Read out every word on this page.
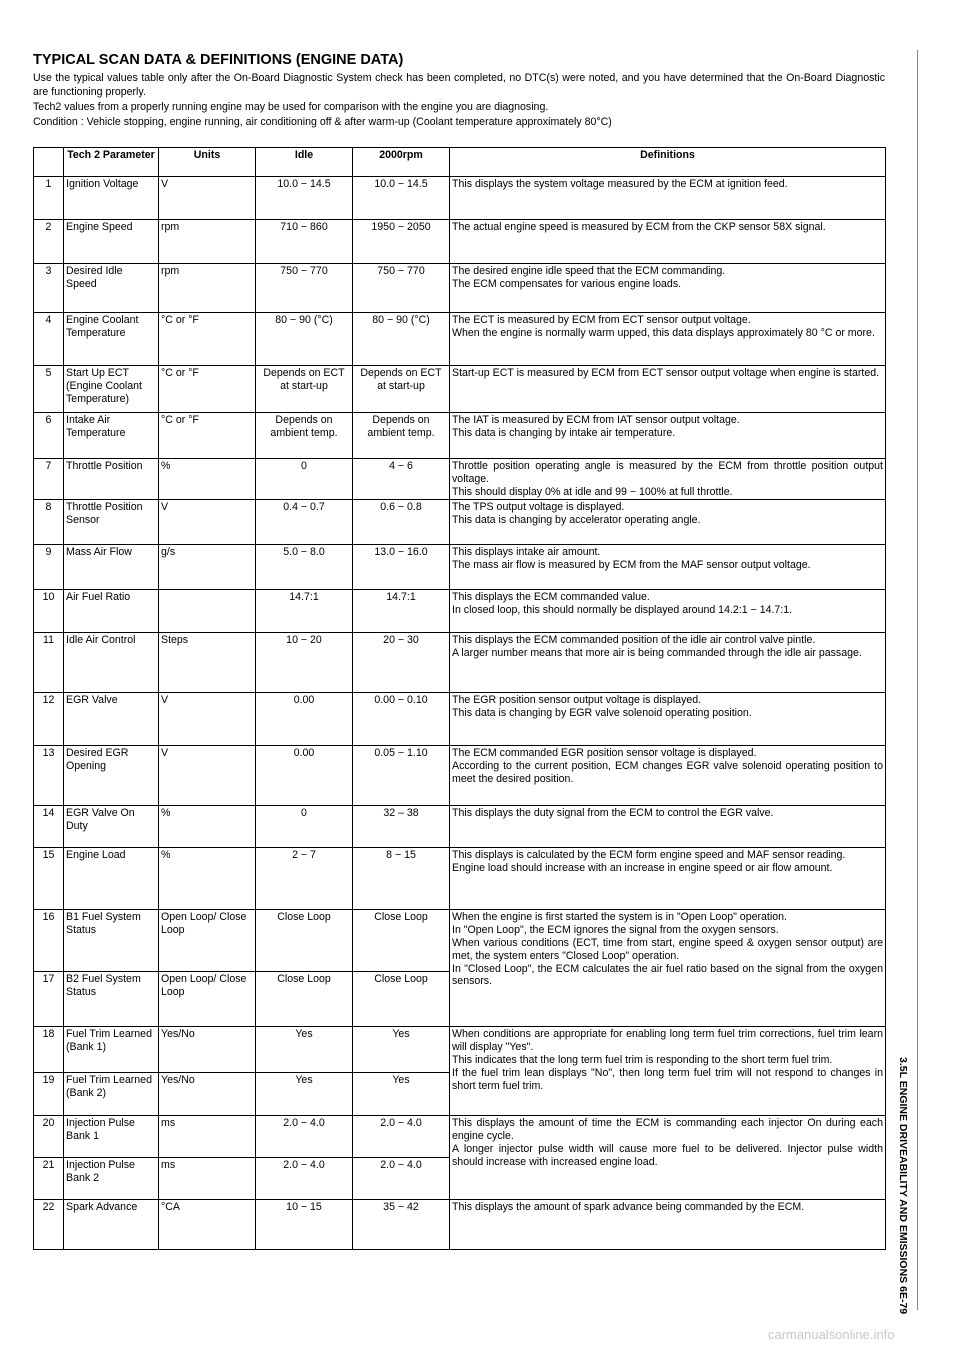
TYPICAL SCAN DATA & DEFINITIONS (ENGINE DATA)

Use the typical values table only after the On-Board Diagnostic System check has been completed, no DTC(s) were noted, and you have determined that the On-Board Diagnostic are functioning properly.

Tech2 values from a properly running engine may be used for comparison with the engine you are diagnosing.

Condition : Vehicle stopping, engine running, air conditioning off & after warm-up (Coolant temperature approximately 80°C)

3.5L ENGINE DRIVEABILITY AND EMISSIONS 6E-79
	Tech 2 Parameter	Units	Idle	2000rpm	Definitions
1	Ignition Voltage	V	10.0 − 14.5	10.0 − 14.5	This displays the system voltage measured by the ECM at ignition feed.

2	Engine Speed	rpm	710 − 860	1950 − 2050	The actual engine speed is measured by ECM from the CKP sensor 58X signal.

3	Desired Idle Speed	rpm	750 − 770	750 − 770	The desired engine idle speed that the ECM commanding.
The ECM compensates for various engine loads.

4	Engine Coolant Temperature	°C or °F	80 − 90 (°C)	80 − 90 (°C)	The ECT is measured by ECM from ECT sensor output voltage.
When the engine is normally warm upped, this data displays approximately 80 °C or more.

5	Start Up ECT (Engine Coolant Temperature)	°C or °F	Depends on ECT at start-up	Depends on ECT at start-up	Start-up ECT is measured by ECM from ECT sensor output voltage when engine is started.

6	Intake Air Temperature	°C or °F	Depends on ambient temp.	Depends on ambient temp.	The IAT is measured by ECM from IAT sensor output voltage.
This data is changing by intake air temperature.

7	Throttle Position	%	0	4 − 6	Throttle position operating angle is measured by the ECM from throttle position output voltage.
This should display 0% at idle and 99 − 100% at full throttle.

8	Throttle Position Sensor	V	0.4 − 0.7	0.6 − 0.8	The TPS output voltage is displayed.
This data is changing by accelerator operating angle.

9	Mass Air Flow	g/s	5.0 − 8.0	13.0 − 16.0	This displays intake air amount.
The mass air flow is measured by ECM from the MAF sensor output voltage.

10	Air Fuel Ratio		14.7:1	14.7:1	This displays the ECM commanded value.
In closed loop, this should normally be displayed around 14.2:1 − 14.7:1.

11	Idle Air Control	Steps	10 − 20	20 − 30	This displays the ECM commanded position of the idle air control valve pintle.
A larger number means that more air is being commanded through the idle air passage.

12	EGR Valve	V	0.00	0.00 − 0.10	The EGR position sensor output voltage is displayed.
This data is changing by EGR valve solenoid operating position.

13	Desired EGR Opening	V	0.00	0.05 − 1.10	The ECM commanded EGR position sensor voltage is displayed.
According to the current position, ECM changes EGR valve solenoid operating position to meet the desired position.

14	EGR Valve On Duty	%	0	32 – 38	This displays the duty signal from the ECM to control the EGR valve.

15	Engine Load	%	2 − 7	8 − 15	This displays is calculated by the ECM form engine speed and MAF sensor reading.
Engine load should increase with an increase in engine speed or air flow amount.

16	B1 Fuel System Status	Open Loop/ Close Loop	Close Loop	Close Loop	When the engine is first started the system is in "Open Loop" operation.
In "Open Loop", the ECM ignores the signal from the oxygen sensors.
When various conditions (ECT, time from start, engine speed & oxygen sensor output) are met, the system enters "Closed Loop" operation.
In "Closed Loop", the ECM calculates the air fuel ratio based on the signal from the oxygen sensors.

17	B2 Fuel System Status	Open Loop/ Close Loop	Close Loop	Close Loop	
18	Fuel Trim Learned (Bank 1)	Yes/No	Yes	Yes	When conditions are appropriate for enabling long term fuel trim corrections, fuel trim learn will display "Yes".
This indicates that the long term fuel trim is responding to the short term fuel trim.
If the fuel trim lean displays "No", then long term fuel trim will not respond to changes in short term fuel trim.

19	Fuel Trim Learned (Bank 2)	Yes/No	Yes	Yes	
20	Injection Pulse Bank 1	ms	2.0 − 4.0	2.0 − 4.0	This displays the amount of time the ECM is commanding each injector On during each engine cycle.
A longer injector pulse width will cause more fuel to be delivered. Injector pulse width should increase with increased engine load.

21	Injection Pulse Bank 2	ms	2.0 − 4.0	2.0 − 4.0	
22	Spark Advance	°CA	10 − 15	35 − 42	This displays the amount of spark advance being commanded by the ECM.
carmanualsonline.info
